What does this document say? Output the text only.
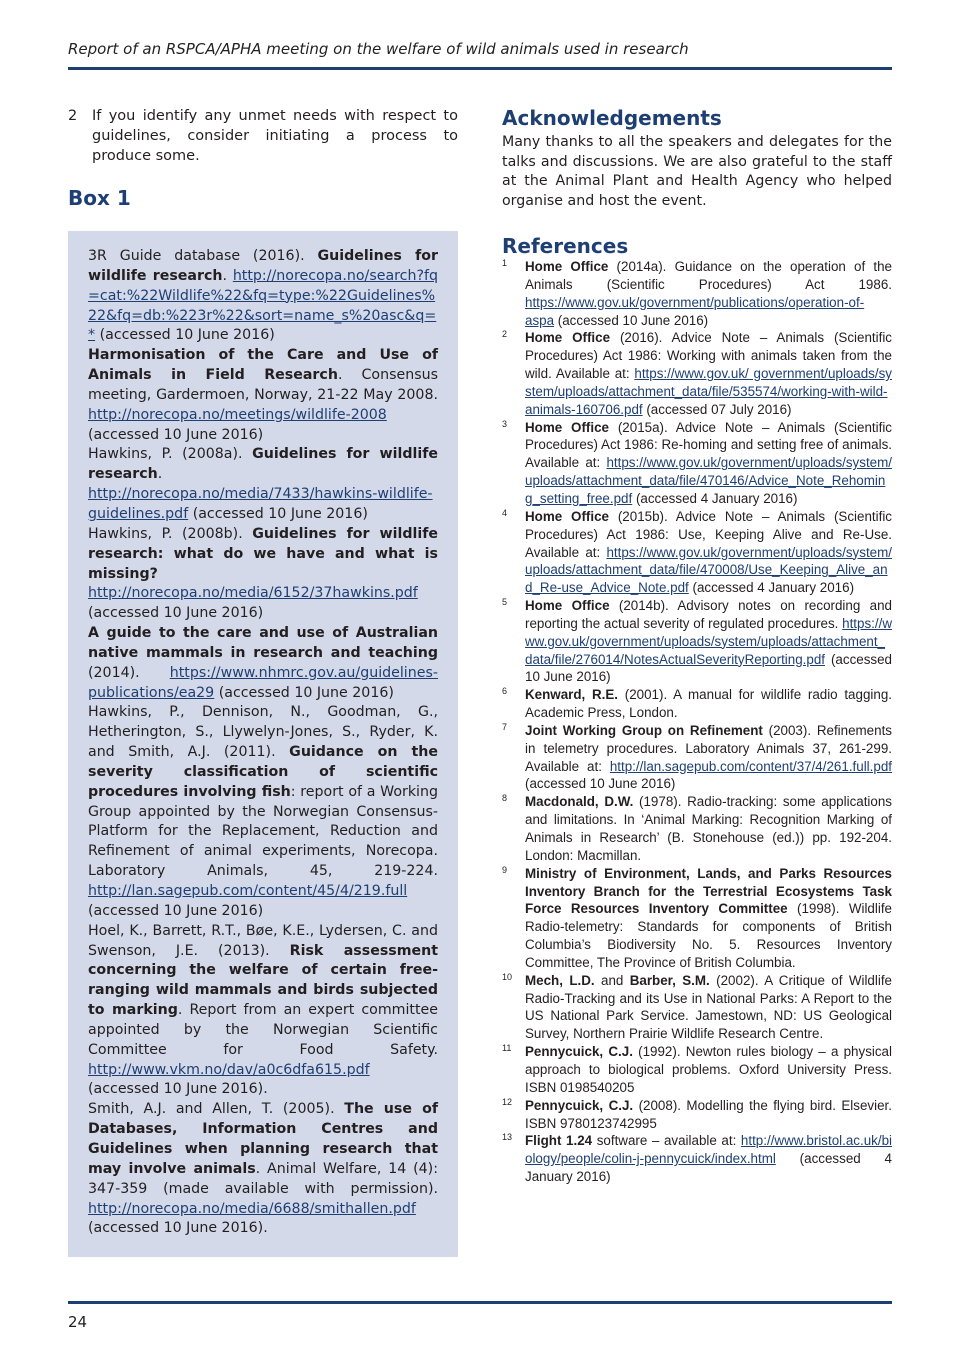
Report of an RSPCA/APHA meeting on the welfare of wild animals used in research
2 If you identify any unmet needs with respect to guidelines, consider initiating a process to produce some.
Box 1

3R Guide database (2016). Guidelines for wildlife research. http://norecopa.no/search?fq=cat:%22Wildlife%22&fq=type:%22Guidelines%22&fq=db:%223r%22&sort=name_s%20asc&q=* (accessed 10 June 2016)

Harmonisation of the Care and Use of Animals in Field Research. Consensus meeting, Gardermoen, Norway, 21-22 May 2008. http://norecopa.no/meetings/wildlife-2008 (accessed 10 June 2016)

Hawkins, P. (2008a). Guidelines for wildlife research. http://norecopa.no/media/7433/hawkins-wildlife-guidelines.pdf (accessed 10 June 2016)

Hawkins, P. (2008b). Guidelines for wildlife research: what do we have and what is missing? http://norecopa.no/media/6152/37hawkins.pdf (accessed 10 June 2016)

A guide to the care and use of Australian native mammals in research and teaching (2014). https://www.nhmrc.gov.au/guidelines-publications/ea29 (accessed 10 June 2016)

Hawkins, P., Dennison, N., Goodman, G., Hetherington, S., Llywelyn-Jones, S., Ryder, K. and Smith, A.J. (2011). Guidance on the severity classification of scientific procedures involving fish: report of a Working Group appointed by the Norwegian Consensus-Platform for the Replacement, Reduction and Refinement of animal experiments, Norecopa. Laboratory Animals, 45, 219-224. http://lan.sagepub.com/content/45/4/219.full (accessed 10 June 2016)

Hoel, K., Barrett, R.T., Bøe, K.E., Lydersen, C. and Swenson, J.E. (2013). Risk assessment concerning the welfare of certain free-ranging wild mammals and birds subjected to marking. Report from an expert committee appointed by the Norwegian Scientific Committee for Food Safety. http://www.vkm.no/dav/a0c6dfa615.pdf (accessed 10 June 2016).

Smith, A.J. and Allen, T. (2005). The use of Databases, Information Centres and Guidelines when planning research that may involve animals. Animal Welfare, 14 (4): 347-359 (made available with permission). http://norecopa.no/media/6688/smithallen.pdf (accessed 10 June 2016).

Acknowledgements
Many thanks to all the speakers and delegates for the talks and discussions. We are also grateful to the staff at the Animal Plant and Health Agency who helped organise and host the event.
References
1 Home Office (2014a). Guidance on the operation of the Animals (Scientific Procedures) Act 1986. https://www.gov.uk/government/publications/operation-of-aspa (accessed 10 June 2016)
2 Home Office (2016). Advice Note – Animals (Scientific Procedures) Act 1986: Working with animals taken from the wild. Available at: https://www.gov.uk/ government/uploads/system/uploads/attachment_data/file/535574/working-with-wild-animals-160706.pdf (accessed 07 July 2016)
3 Home Office (2015a). Advice Note – Animals (Scientific Procedures) Act 1986: Re-homing and setting free of animals. Available at: https://www.gov.uk/government/uploads/system/uploads/attachment_data/file/470146/Advice_Note_Rehoming_setting_free.pdf (accessed 4 January 2016)
4 Home Office (2015b). Advice Note – Animals (Scientific Procedures) Act 1986: Use, Keeping Alive and Re-Use. Available at: https://www.gov.uk/government/uploads/system/uploads/attachment_data/file/470008/Use_Keeping_Alive_and_Re-use_Advice_Note.pdf (accessed 4 January 2016)
5 Home Office (2014b). Advisory notes on recording and reporting the actual severity of regulated procedures. https://www.gov.uk/government/uploads/system/uploads/attachment_data/file/276014/NotesActualSeverityReporting.pdf (accessed 10 June 2016)
6 Kenward, R.E. (2001). A manual for wildlife radio tagging. Academic Press, London.
7 Joint Working Group on Refinement (2003). Refinements in telemetry procedures. Laboratory Animals 37, 261-299. Available at: http://lan.sagepub.com/content/37/4/261.full.pdf (accessed 10 June 2016)
8 Macdonald, D.W. (1978). Radio-tracking: some applications and limitations. In ‘Animal Marking: Recognition Marking of Animals in Research’ (B. Stonehouse (ed.)) pp. 192-204. London: Macmillan.
9 Ministry of Environment, Lands, and Parks Resources Inventory Branch for the Terrestrial Ecosystems Task Force Resources Inventory Committee (1998). Wildlife Radio-telemetry: Standards for components of British Columbia’s Biodiversity No. 5. Resources Inventory Committee, The Province of British Columbia.
10 Mech, L.D. and Barber, S.M. (2002). A Critique of Wildlife Radio-Tracking and its Use in National Parks: A Report to the US National Park Service. Jamestown, ND: US Geological Survey, Northern Prairie Wildlife Research Centre.
11 Pennycuick, C.J. (1992). Newton rules biology – a physical approach to biological problems. Oxford University Press. ISBN 0198540205
12 Pennycuick, C.J. (2008). Modelling the flying bird. Elsevier. ISBN 9780123742995
13 Flight 1.24 software – available at: http://www.bristol.ac.uk/biology/people/colin-j-pennycuick/index.html (accessed 4 January 2016)
24
